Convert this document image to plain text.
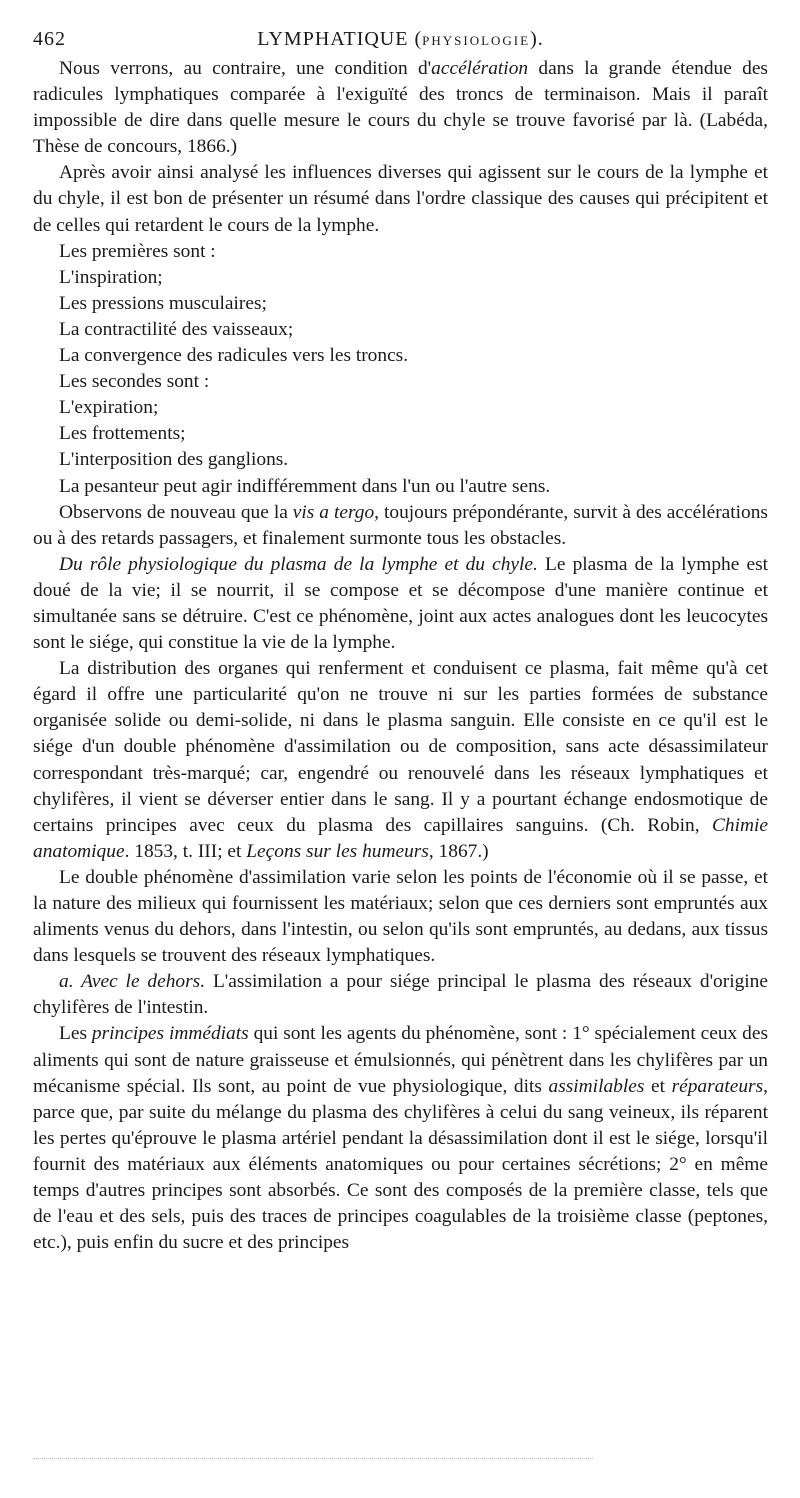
462	LYMPHATIQUE (PHYSIOLOGIE).

Nous verrons, au contraire, une condition d'accélération dans la grande étendue des radicules lymphatiques comparée à l'exiguïté des troncs de terminaison. Mais il paraît impossible de dire dans quelle mesure le cours du chyle se trouve favorisé par là. (Labéda, Thèse de concours, 1866.)

Après avoir ainsi analysé les influences diverses qui agissent sur le cours de la lymphe et du chyle, il est bon de présenter un résumé dans l'ordre classique des causes qui précipitent et de celles qui retardent le cours de la lymphe.

Les premières sont :

L'inspiration;

Les pressions musculaires;

La contractilité des vaisseaux;

La convergence des radicules vers les troncs.

Les secondes sont :

L'expiration;

Les frottements;

L'interposition des ganglions.

La pesanteur peut agir indifféremment dans l'un ou l'autre sens.

Observons de nouveau que la vis a tergo, toujours prépondérante, survit à des accélérations ou à des retards passagers, et finalement surmonte tous les obstacles.

Du rôle physiologique du plasma de la lymphe et du chyle. Le plasma de la lymphe est doué de la vie; il se nourrit, il se compose et se décompose d'une manière continue et simultanée sans se détruire. C'est ce phénomène, joint aux actes analogues dont les leucocytes sont le siége, qui constitue la vie de la lymphe.

La distribution des organes qui renferment et conduisent ce plasma, fait même qu'à cet égard il offre une particularité qu'on ne trouve ni sur les parties formées de substance organisée solide ou demi-solide, ni dans le plasma sanguin. Elle consiste en ce qu'il est le siége d'un double phénomène d'assimilation ou de composition, sans acte désassimilateur correspondant très-marqué; car, engendré ou renouvelé dans les réseaux lymphatiques et chylifères, il vient se déverser entier dans le sang. Il y a pourtant échange endosmotique de certains principes avec ceux du plasma des capillaires sanguins. (Ch. Robin, Chimie anatomique. 1853, t. III; et Leçons sur les humeurs, 1867.)

Le double phénomène d'assimilation varie selon les points de l'économie où il se passe, et la nature des milieux qui fournissent les matériaux; selon que ces derniers sont empruntés aux aliments venus du dehors, dans l'intestin, ou selon qu'ils sont empruntés, au dedans, aux tissus dans lesquels se trouvent des réseaux lymphatiques.

a. Avec le dehors. L'assimilation a pour siége principal le plasma des réseaux d'origine chylifères de l'intestin.

Les principes immédiats qui sont les agents du phénomène, sont : 1° spécialement ceux des aliments qui sont de nature graisseuse et émulsionnés, qui pénètrent dans les chylifères par un mécanisme spécial. Ils sont, au point de vue physiologique, dits assimilables et réparateurs, parce que, par suite du mélange du plasma des chylifères à celui du sang veineux, ils réparent les pertes qu'éprouve le plasma artériel pendant la désassimilation dont il est le siége, lorsqu'il fournit des matériaux aux éléments anatomiques ou pour certaines sécrétions; 2° en même temps d'autres principes sont absorbés. Ce sont des composés de la première classe, tels que de l'eau et des sels, puis des traces de principes coagulables de la troisième classe (peptones, etc.), puis enfin du sucre et des principes
